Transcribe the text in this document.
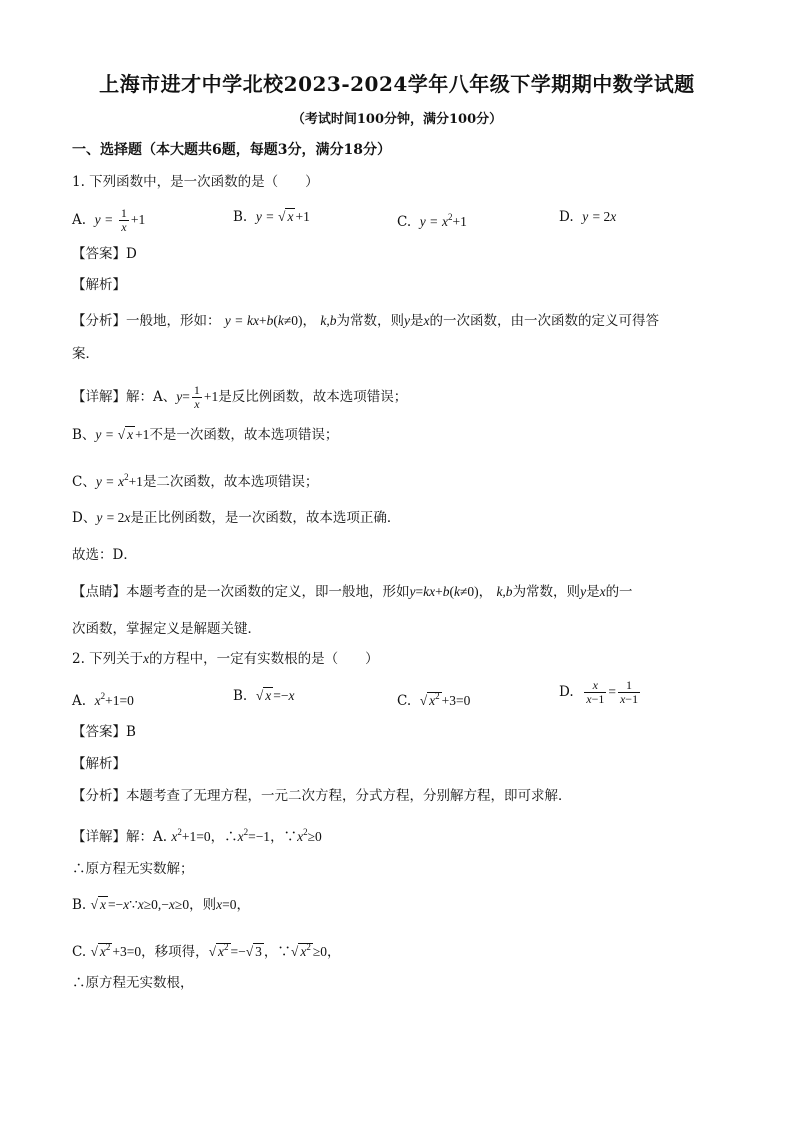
上海市进才中学北校2023-2024学年八年级下学期期中数学试题
（考试时间100分钟，满分100分）
一、选择题（本大题共6题，每题3分，满分18分）
1. 下列函数中，是一次函数的是（　　）
A. $y = \frac{1}{x} +1$	B. y = √ x +1	C. $y = x^2+1$	D. y = 2x
【答案】D
【解析】
【分析】一般地，形如： y = kx+b(k≠0)， k,b为常数，则y是x的一次函数，由一次函数的定义可得答
案．
【详解】解：A、$y= \frac{1}{x} +1$是反比例函数，故本选项错误；
B、y = √ x +1不是一次函数，故本选项错误；
C、$y = x^2+1$是二次函数，故本选项错误；
D、y = 2x是正比例函数，是一次函数，故本选项正确．
故选：D．
【点睛】本题考查的是一次函数的定义，即一般地，形如y=kx+b(k≠0)， k,b为常数，则y是x的一
次函数，掌握定义是解题关键．
2. 下列关于x的方程中，一定有实数根的是（　　）
A. $x^2+1=0$	B. √ x =−x	C. √ $x^2 +3=0$
D. $\frac{x}{x-1} = \frac{1}{x-1}$
【答案】B
【解析】
【分析】本题考查了无理方程，一元二次方程，分式方程，分别解方程，即可求解．
【详解】解：A. $x^2+1=0$，$\therefore x^2=-1$，$\because x^2\ge 0$
∴原方程无实数解；
B. √ x =−x∵x≥0,−x≥0，则x=0，
C. √ $x^2 +3=0$，移项得，√ $x^2$ =−√ 3 ，∵√ $x^2 \ge 0$，
∴原方程无实数根，
